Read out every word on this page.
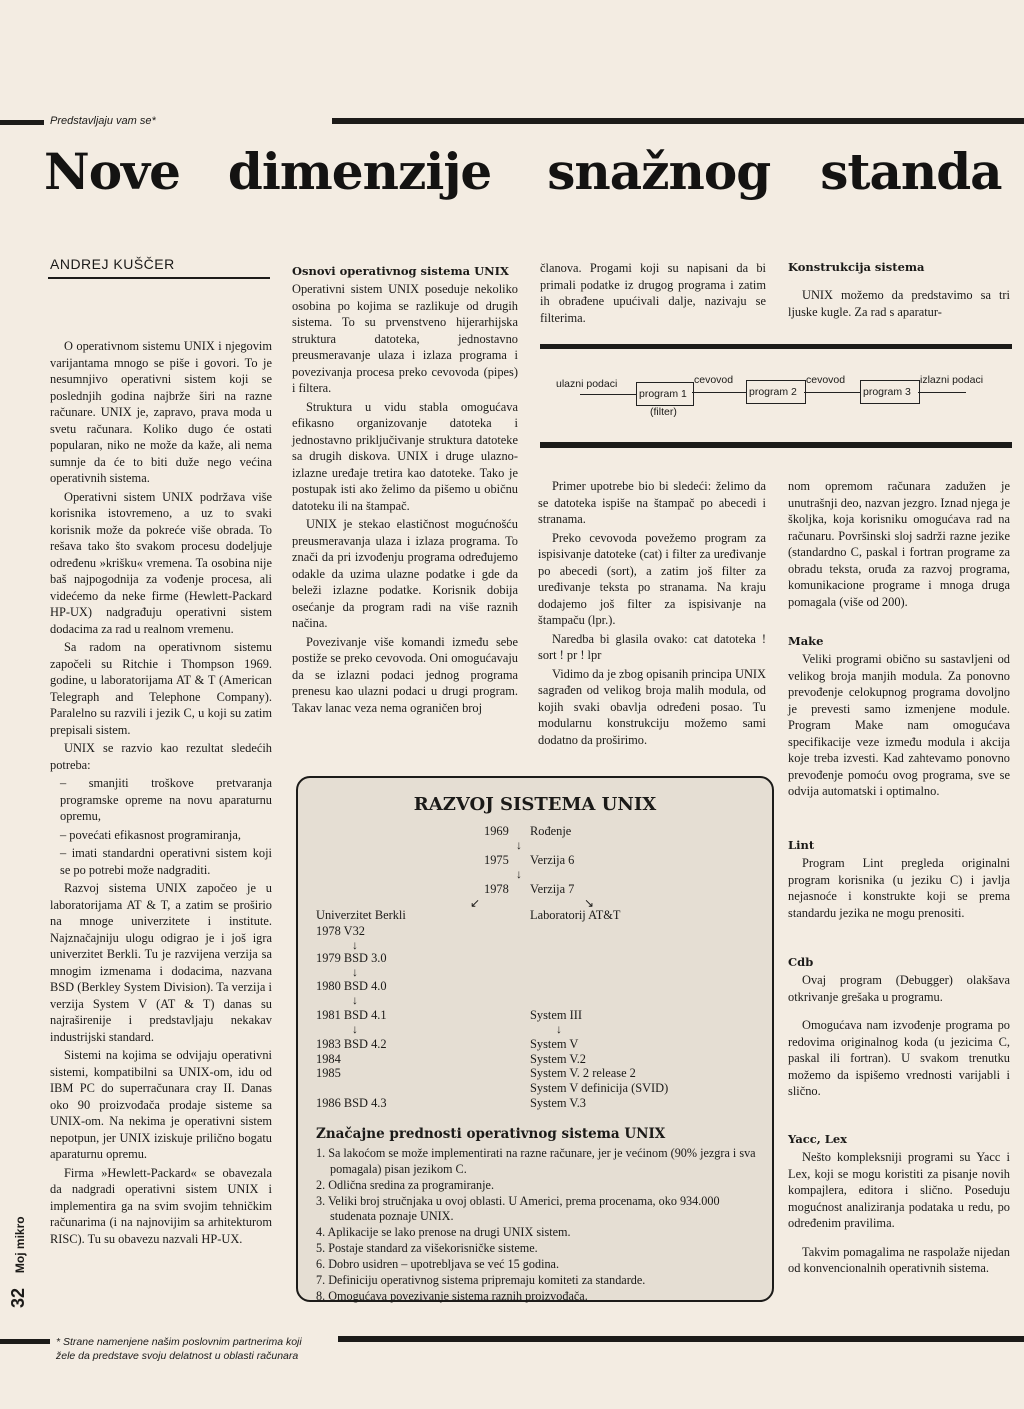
Predstavljaju vam se*
Nove dimenzije snažnog standa
ANDREJ KUŠČER

O operativnom sistemu UNIX i njegovim varijantama mnogo se piše i govori. To je nesumnjivo operativni sistem koji se poslednjih godina najbrže širi na razne računare. UNIX je, zapravo, prava moda u svetu računara. Koliko dugo će ostati popularan, niko ne može da kaže, ali nema sumnje da će to biti duže nego većina operativnih sistema.

Operativni sistem UNIX podržava više korisnika istovremeno, a uz to svaki korisnik može da pokreće više obrada. To rešava tako što svakom procesu dodeljuje određenu »krišku« vremena. Ta osobina nije baš najpogodnija za vođenje procesa, ali videćemo da neke firme (Hewlett-Packard HP-UX) nadgrađuju operativni sistem dodacima za rad u realnom vremenu.

Sa radom na operativnom sistemu započeli su Ritchie i Thompson 1969. godine, u laboratorijama AT & T (American Telegraph and Telephone Company). Paralelno su razvili i jezik C, u koji su zatim prepisali sistem.

UNIX se razvio kao rezultat sledećih potreba:

– smanjiti troškove pretvaranja programske opreme na novu aparaturnu opremu,

– povećati efikasnost programiranja,

– imati standardni operativni sistem koji se po potrebi može nadgraditi.

Razvoj sistema UNIX započeo je u laboratorijama AT & T, a zatim se proširio na mnoge univerzitete i institute. Najznačajniju ulogu odigrao je i još igra univerzitet Berkli. Tu je razvijena verzija sa mnogim izmenama i dodacima, nazvana BSD (Berkley System Division). Ta verzija i verzija System V (AT & T) danas su najraširenije i predstavljaju nekakav industrijski standard.

Sistemi na kojima se odvijaju operativni sistemi, kompatibilni sa UNIX-om, idu od IBM PC do superračunara cray II. Danas oko 90 proizvođača prodaje sisteme sa UNIX-om. Na nekima je operativni sistem nepotpun, jer UNIX iziskuje prilično bogatu aparaturnu opremu.

Firma »Hewlett-Packard« se obavezala da nadgradi operativni sistem UNIX i implementira ga na svim svojim tehničkim računarima (i na najnovijim sa arhitekturom RISC). Tu su obavezu nazvali HP-UX.

Osnovi operativnog sistema UNIX

Operativni sistem UNIX poseduje nekoliko osobina po kojima se razlikuje od drugih sistema. To su prvenstveno hijerarhijska struktura datoteka, jednostavno preusmeravanje ulaza i izlaza programa i povezivanja procesa preko cevovoda (pipes) i filtera.

Struktura u vidu stabla omogućava efikasno organizovanje datoteka i jednostavno priključivanje struktura datoteke sa drugih diskova. UNIX i druge ulazno-izlazne uređaje tretira kao datoteke. Tako je postupak isti ako želimo da pišemo u običnu datoteku ili na štampač.

UNIX je stekao elastičnost mogućnošću preusmeravanja ulaza i izlaza programa. To znači da pri izvođenju programa određujemo odakle da uzima ulazne podatke i gde da beleži izlazne podatke. Korisnik dobija osećanje da program radi na više raznih načina.

Povezivanje više komandi između sebe postiže se preko cevovoda. Oni omogućavaju da se izlazni podaci jednog programa prenesu kao ulazni podaci u drugi program. Takav lanac veza nema ograničen broj

članova. Progami koji su napisani da bi primali podatke iz drugog programa i zatim ih obrađene upućivali dalje, nazivaju se filterima.

Konstrukcija sistema

UNIX možemo da predstavimo sa tri ljuske kugle. Za rad s aparatur-

ulazni podaci
program 1
(filter)
cevovod
program 2
cevovod
program 3
izlazni podaci

Primer upotrebe bio bi sledeći: želimo da se datoteka ispiše na štampač po abecedi i stranama.

Preko cevovoda povežemo program za ispisivanje datoteke (cat) i filter za uređivanje po abecedi (sort), a zatim još filter za uređivanje teksta po stranama. Na kraju dodajemo još filter za ispisivanje na štampaču (lpr.).

Naredba bi glasila ovako: cat datoteka ! sort ! pr ! lpr

Vidimo da je zbog opisanih principa UNIX sagrađen od velikog broja malih modula, od kojih svaki obavlja određeni posao. Tu modularnu konstrukciju možemo sami dodatno da proširimo.

nom opremom računara zadužen je unutrašnji deo, nazvan jezgro. Iznad njega je školjka, koja korisniku omogućava rad na računaru. Površinski sloj sadrži razne jezike (standardno C, paskal i fortran programe za obradu teksta, oruđa za razvoj programa, komunikacione programe i mnoga druga pomagala (više od 200).

Make

Veliki programi obično su sastavljeni od velikog broja manjih modula. Za ponovno prevođenje celokupnog programa dovoljno je prevesti samo izmenjene module. Program Make nam omogućava specifikacije veze između modula i akcija koje treba izvesti. Kad zahtevamo ponovno prevođenje pomoću ovog programa, sve se odvija automatski i optimalno.

Lint

Program Lint pregleda originalni program korisnika (u jeziku C) i javlja nejasnoće i konstrukte koji se prema standardu jezika ne mogu prenositi.

Cdb

Ovaj program (Debugger) olakšava otkrivanje grešaka u programu.

Omogućava nam izvođenje programa po redovima originalnog koda (u jezicima C, paskal ili fortran). U svakom trenutku možemo da ispišemo vrednosti varijabli i slično.

Yacc, Lex

Nešto kompleksniji programi su Yacc i Lex, koji se mogu koristiti za pisanje novih kompajlera, editora i slično. Poseduju mogućnost analiziranja podataka u redu, po određenim pravilima.

Takvim pomagalima ne raspolaže nijedan od konvencionalnih operativnih sistema.

RAZVOJ SISTEMA UNIX
1969 Rođenje
↓
1975 Verzija 6
↓
1978 Verzija 7
↙	↘
Univerzitet Berkli	Laboratorij AT&T
1978 V32
↓
1979 BSD 3.0
↓
1980 BSD 4.0
↓
1981 BSD 4.1
↓
1983 BSD 4.2
1984
1985
1986 BSD 4.3
System III
↓
System V
System V.2
System V. 2 release 2
System V definicija (SVID)
System V.3
Značajne prednosti operativnog sistema UNIX
1. Sa lakoćom se može implementirati na razne računare, jer je većinom (90% jezgra i sva pomagala) pisan jezikom C.
2. Odlična sredina za programiranje.
3. Veliki broj stručnjaka u ovoj oblasti. U Americi, prema procenama, oko 934.000 studenata poznaje UNIX.
4. Aplikacije se lako prenose na drugi UNIX sistem.
5. Postaje standard za višekorisničke sisteme.
6. Dobro usidren – upotrebljava se već 15 godina.
7. Definiciju operativnog sistema pripremaju komiteti za standarde.
8. Omogućava povezivanje sistema raznih proizvođača.
32  Moj mikro
* Strane namenjene našim poslovnim partnerima koji
žele da predstave svoju delatnost u oblasti računara
